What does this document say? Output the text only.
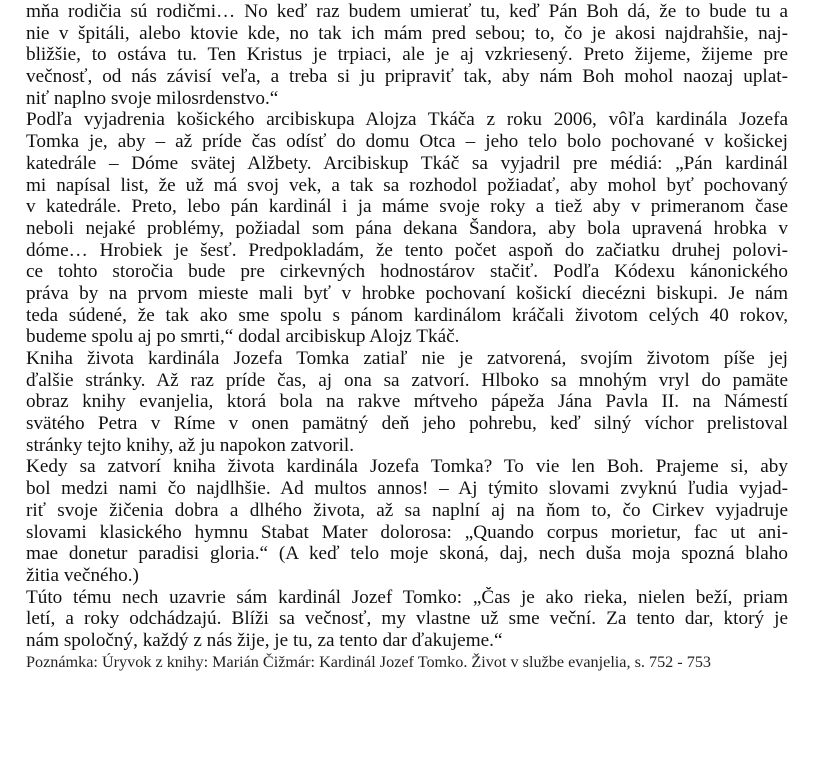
mňa rodičia sú rodičmi… No keď raz budem umierať tu, keď Pán Boh dá, že to bude tu a
nie v špitáli, alebo ktovie kde, no tak ich mám pred sebou; to, čo je akosi najdrahšie, naj-
bližšie, to ostáva tu. Ten Kristus je trpiaci, ale je aj vzkriesený. Preto žijeme, žijeme pre
večnosť, od nás závisí veľa, a treba si ju pripraviť tak, aby nám Boh mohol naozaj uplat-
niť naplno svoje milosrdenstvo.“
Podľa vyjadrenia košického arcibiskupa Alojza Tkáča z roku 2006, vôľa kardinála Jozefa
Tomka je, aby – až príde čas odísť do domu Otca – jeho telo bolo pochované v košickej
katedrále – Dóme svätej Alžbety. Arcibiskup Tkáč sa vyjadril pre médiá: „Pán kardinál
mi napísal list, že už má svoj vek, a tak sa rozhodol požiadať, aby mohol byť pochovaný
v katedrále. Preto, lebo pán kardinál i ja máme svoje roky a tiež aby v primeranom čase
neboli nejaké problémy, požiadal som pána dekana Šandora, aby bola upravená hrobka v
dóme… Hrobiek je šesť. Predpokladám, že tento počet aspoň do začiatku druhej polovi-
ce tohto storočia bude pre cirkevných hodnostárov stačiť. Podľa Kódexu kánonického
práva by na prvom mieste mali byť v hrobke pochovaní košickí diecézni biskupi. Je nám
teda súdené, že tak ako sme spolu s pánom kardinálom kráčali životom celých 40 rokov,
budeme spolu aj po smrti,“ dodal arcibiskup Alojz Tkáč.
Kniha života kardinála Jozefa Tomka zatiaľ nie je zatvorená, svojím životom píše jej
ďalšie stránky. Až raz príde čas, aj ona sa zatvorí. Hlboko sa mnohým vryl do pamäte
obraz knihy evanjelia, ktorá bola na rakve mŕtveho pápeža Jána Pavla II. na Námestí
svätého Petra v Ríme v onen pamätný deň jeho pohrebu, keď silný víchor prelistoval
stránky tejto knihy, až ju napokon zatvoril.
Kedy sa zatvorí kniha života kardinála Jozefa Tomka? To vie len Boh. Prajeme si, aby
bol medzi nami čo najdlhšie. Ad multos annos! – Aj týmito slovami zvyknú ľudia vyjad-
riť svoje žičenia dobra a dlhého života, až sa naplní aj na ňom to, čo Cirkev vyjadruje
slovami klasického hymnu Stabat Mater dolorosa: „Quando corpus morietur, fac ut ani-
mae donetur paradisi gloria.“ (A keď telo moje skoná, daj, nech duša moja spozná blaho
žitia večného.)
Túto tému nech uzavrie sám kardinál Jozef Tomko: „Čas je ako rieka, nielen beží, priam
letí, a roky odchádzajú. Blíži sa večnosť, my vlastne už sme veční. Za tento dar, ktorý je
nám spoločný, každý z nás žije, je tu, za tento dar ďakujeme.“
Poznámka: Úryvok z knihy: Marián Čižmár: Kardinál Jozef Tomko. Život v službe evanjelia, s. 752 - 753
